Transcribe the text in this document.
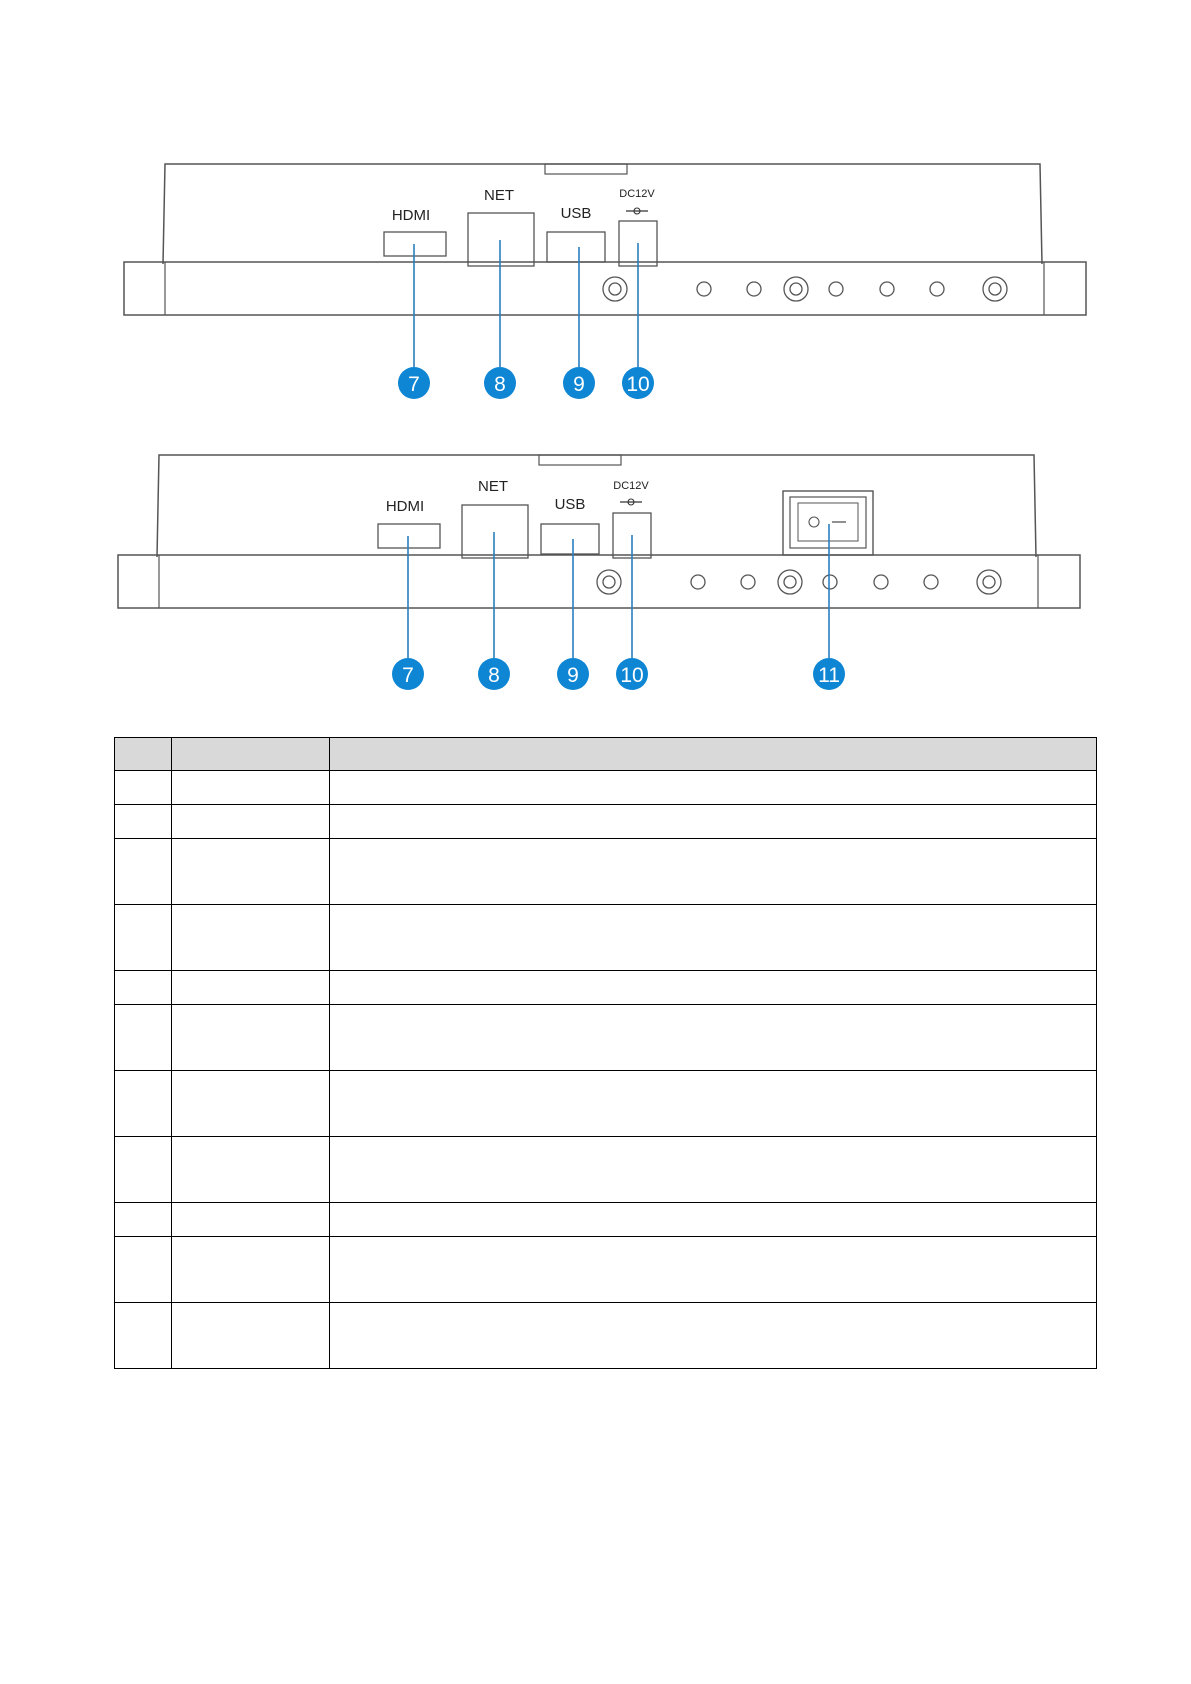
HDMI
NET
USB
DC12V
7	8	9 10
HDMI
NET
USB
DC12V
7	8	9 10	11
